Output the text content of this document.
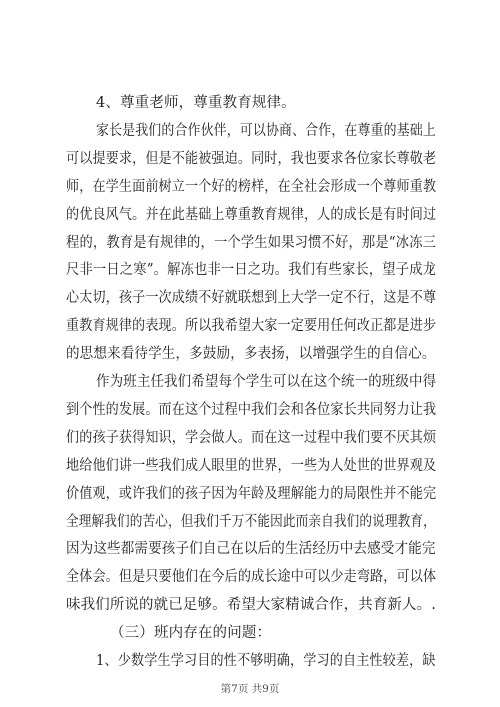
4、尊重老师，尊重教育规律。
家长是我们的合作伙伴，可以协商、合作，在尊重的基础上
可以提要求，但是不能被强迫。同时，我也要求各位家长尊敬老
师，在学生面前树立一个好的榜样，在全社会形成一个尊师重教
的优良风气。并在此基础上尊重教育规律，人的成长是有时间过
程的，教育是有规律的，一个学生如果习惯不好，那是“冰冻三
尺非一日之寒”。解冻也非一日之功。我们有些家长，望子成龙
心太切，孩子一次成绩不好就联想到上大学一定不行，这是不尊
重教育规律的表现。所以我希望大家一定要用任何改正都是进步
的思想来看待学生，多鼓励，多表扬，以增强学生的自信心。
作为班主任我们希望每个学生可以在这个统一的班级中得
到个性的发展。而在这个过程中我们会和各位家长共同努力让我
们的孩子获得知识，学会做人。而在这一过程中我们要不厌其烦
地给他们讲一些我们成人眼里的世界，一些为人处世的世界观及
价值观，或许我们的孩子因为年龄及理解能力的局限性并不能完
全理解我们的苦心，但我们千万不能因此而亲自我们的说理教育，
因为这些都需要孩子们自己在以后的生活经历中去感受才能完
全体会。但是只要他们在今后的成长途中可以少走弯路，可以体
味我们所说的就已足够。希望大家精诚合作，共育新人。.
（三）班内存在的问题：
1、少数学生学习目的性不够明确，学习的自主性较差，缺
第7页 共9页
